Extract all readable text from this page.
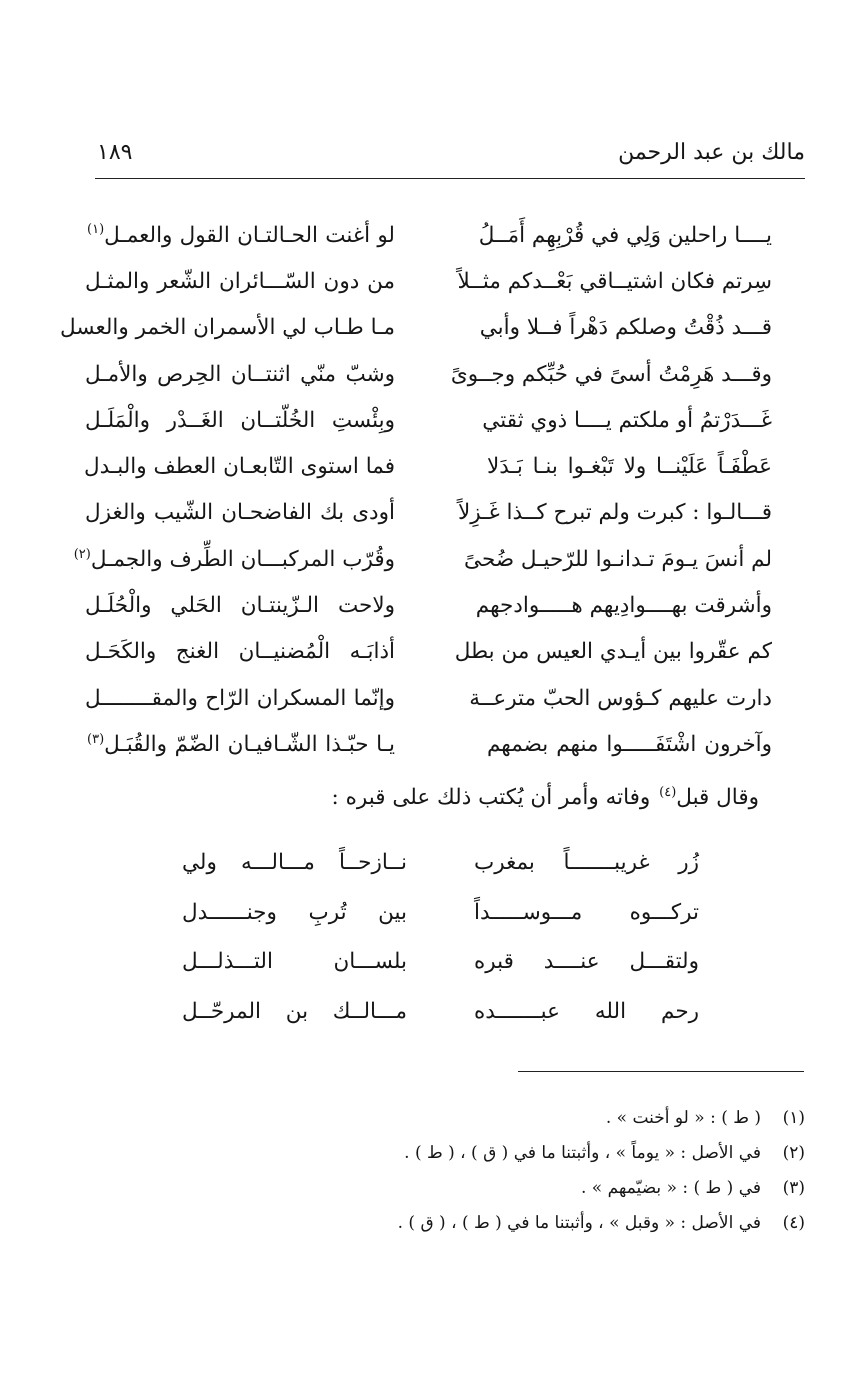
مالك بن عبد الرحمن
١٨٩
يــــا راحلين وَلِي في قُرْبِهِم أَمَــلُ
لو أغنت الحـالتـان القول والعمـل$^{(١)}$
سِرتم فكان اشتيــاقي بَعْــدكم مثــلاً
من دون السّـــائران الشّعر والمثـل
قـــد ذُقْتُ وصلكم دَهْراً فــلا وأبي
مـا طـاب لي الأسمران الخمر والعسل
وقـــد هَرِمْتُ أسىً في حُبِّكم وجــوىً
وشبّ منّي اثنتــان الحِرص والأمـل
غَـــدَرْتمُ أو ملكتم يــــا ذوي ثقتي
وبِئْستِ الخُلّتــان الغَــدْر والْمَلَـل
عَطْفَـاً عَلَيْنــا ولا تَبْغـوا بنـا بَـدَلا
فما استوى التّابعـان العطف والبـدل
قـــالـوا : كبرت ولم تبرح كــذا غَـزِلاً
أودى بك الفاضحـان الشّيب والغزل
لم أنسَ يـومَ تـدانـوا للرّحيـل ضُحىً
وقُرّب المركبـــان الطِّرف والجمـل$^{(٢)}$
وأشرقت بهــــوادِيهم هـــــوادجهم
ولاحت الـزّينتـان الحَلي والْحُلَـل
كم عقّروا بين أيـدي العيس من بطل
أذابَـه الْمُضنيــان الغنج والكَحَـل
دارت عليهم كـؤوس الحبّ مترعــة
وإنّما المسكران الرّاح والمقــــــــل
وآخرون اشْتَفَـــــوا منهم بضمهم
يـا حبّـذا الشّـافيـان الضّمّ والقُبَـل$^{(٣)}$
وقال قبل$^{(٤)}$ وفاته وأمر أن يُكتب ذلك على قبره :
زُر غريبـــــــاً بمغرب
نــازحــاً مـــالـــه ولي
تركـــوه مـــوســـــداً
بين تُربِ وجنــــــدل
ولتقـــل عنــــد قبره
بلســـان التـــذلـــل
رحم الله عبـــــــده
مـــالــك بن المرحّــل
(١)
( ط ) : « لو أخنت » .
(٢)
في الأصل : « يوماً » ، وأثبتنا ما في ( ق ) ، ( ط ) .
(٣)
في ( ط ) : « بضيّمهم » .
(٤)
في الأصل : « وقبل » ، وأثبتنا ما في ( ط ) ، ( ق ) .
